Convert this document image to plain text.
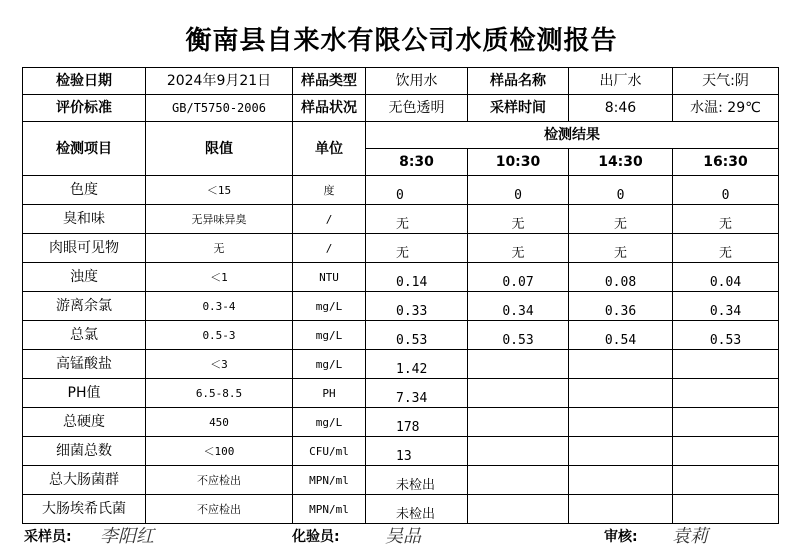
衡南县自来水有限公司水质检测报告
检验日期	2024年9月21日	样品类型	饮用水	样品名称	出厂水	天气:阴
评价标准	GB/T5750-2006	样品状况	无色透明	采样时间	8:46	水温: 29℃
检测项目	限值	单位	检测结果			
			8:30	10:30	14:30	16:30
色度	＜15	度	0	0	0	0
臭和味	无异味异臭	/	无	无	无	无
肉眼可见物	无	/	无	无	无	无
浊度	＜1	NTU	0.14	0.07	0.08	0.04
游离余氯	0.3-4	mg/L	0.33	0.34	0.36	0.34
总氯	0.5-3	mg/L	0.53	0.53	0.54	0.53
高锰酸盐	＜3	mg/L	1.42			
PH值	6.5-8.5	PH	7.34			
总硬度	450	mg/L	178			
细菌总数	＜100	CFU/ml	13			
总大肠菌群	不应检出	MPN/ml	未检出			
大肠埃希氏菌	不应检出	MPN/ml	未检出			
采样员: 李阳红	化验员:	吴品	审核: 袁莉
